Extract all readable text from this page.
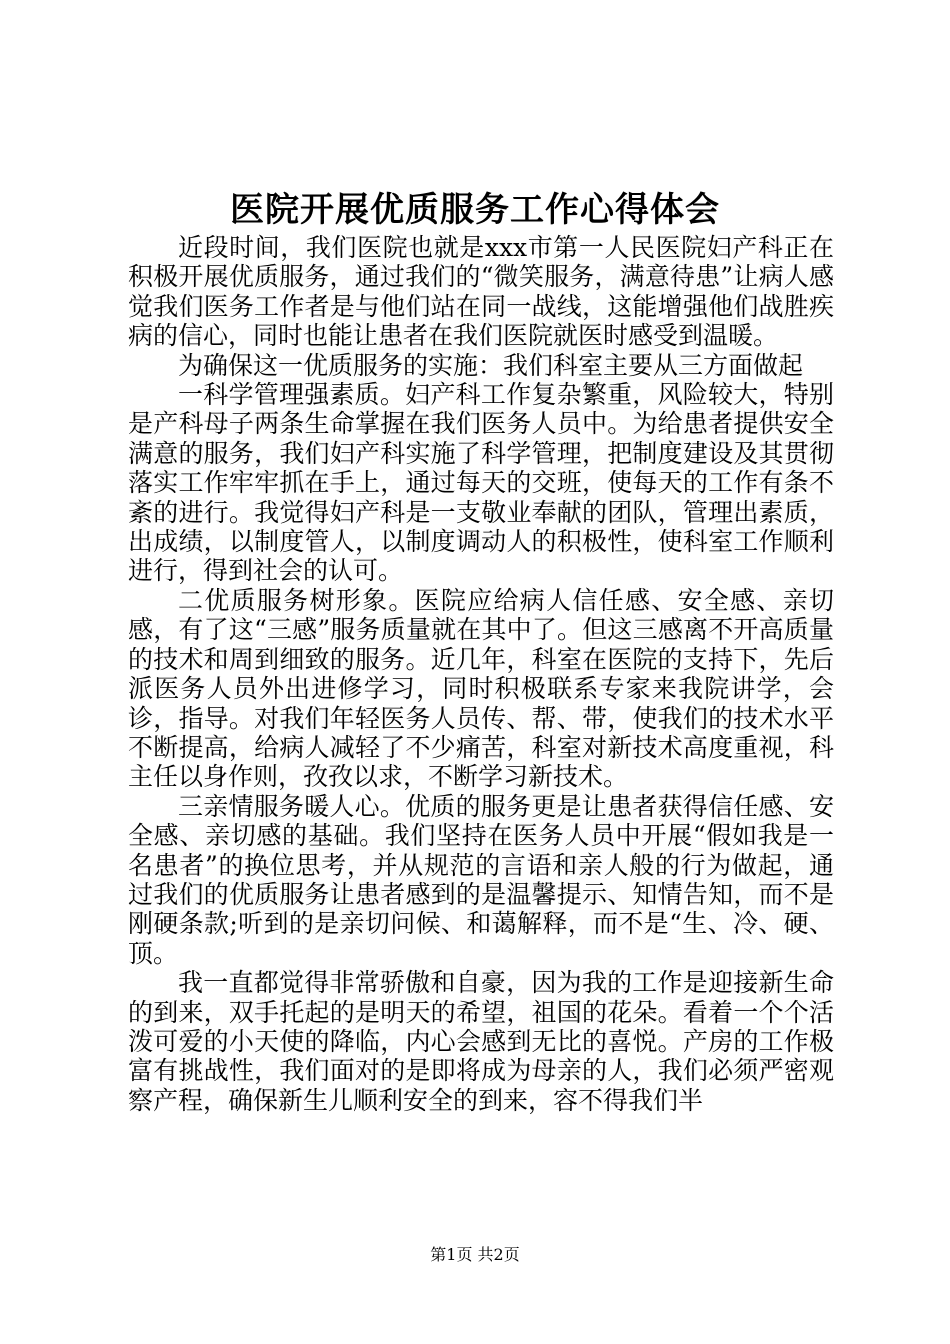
医院开展优质服务工作心得体会

近段时间，我们医院也就是xxx市第一人民医院妇产科正在积极开展优质服务，通过我们的“微笑服务，满意待患”让病人感觉我们医务工作者是与他们站在同一战线，这能增强他们战胜疾病的信心，同时也能让患者在我们医院就医时感受到温暖。

为确保这一优质服务的实施：我们科室主要从三方面做起

一科学管理强素质。妇产科工作复杂繁重，风险较大，特别是产科母子两条生命掌握在我们医务人员中。为给患者提供安全满意的服务，我们妇产科实施了科学管理，把制度建设及其贯彻落实工作牢牢抓在手上，通过每天的交班，使每天的工作有条不紊的进行。我觉得妇产科是一支敬业奉献的团队，管理出素质，出成绩，以制度管人，以制度调动人的积极性，使科室工作顺利进行，得到社会的认可。

二优质服务树形象。医院应给病人信任感、安全感、亲切感，有了这“三感”服务质量就在其中了。但这三感离不开高质量的技术和周到细致的服务。近几年，科室在医院的支持下，先后派医务人员外出进修学习，同时积极联系专家来我院讲学，会诊，指导。对我们年轻医务人员传、帮、带，使我们的技术水平不断提高，给病人减轻了不少痛苦，科室对新技术高度重视，科主任以身作则，孜孜以求，不断学习新技术。

三亲情服务暖人心。优质的服务更是让患者获得信任感、安全感、亲切感的基础。我们坚持在医务人员中开展“假如我是一名患者”的换位思考，并从规范的言语和亲人般的行为做起，通过我们的优质服务让患者感到的是温馨提示、知情告知，而不是刚硬条款;听到的是亲切问候、和蔼解释，而不是“生、冷、硬、顶。

我一直都觉得非常骄傲和自豪，因为我的工作是迎接新生命的到来，双手托起的是明天的希望，祖国的花朵。看着一个个活泼可爱的小天使的降临，内心会感到无比的喜悦。产房的工作极富有挑战性，我们面对的是即将成为母亲的人，我们必须严密观察产程，确保新生儿顺利安全的到来，容不得我们半

第1页 共2页
